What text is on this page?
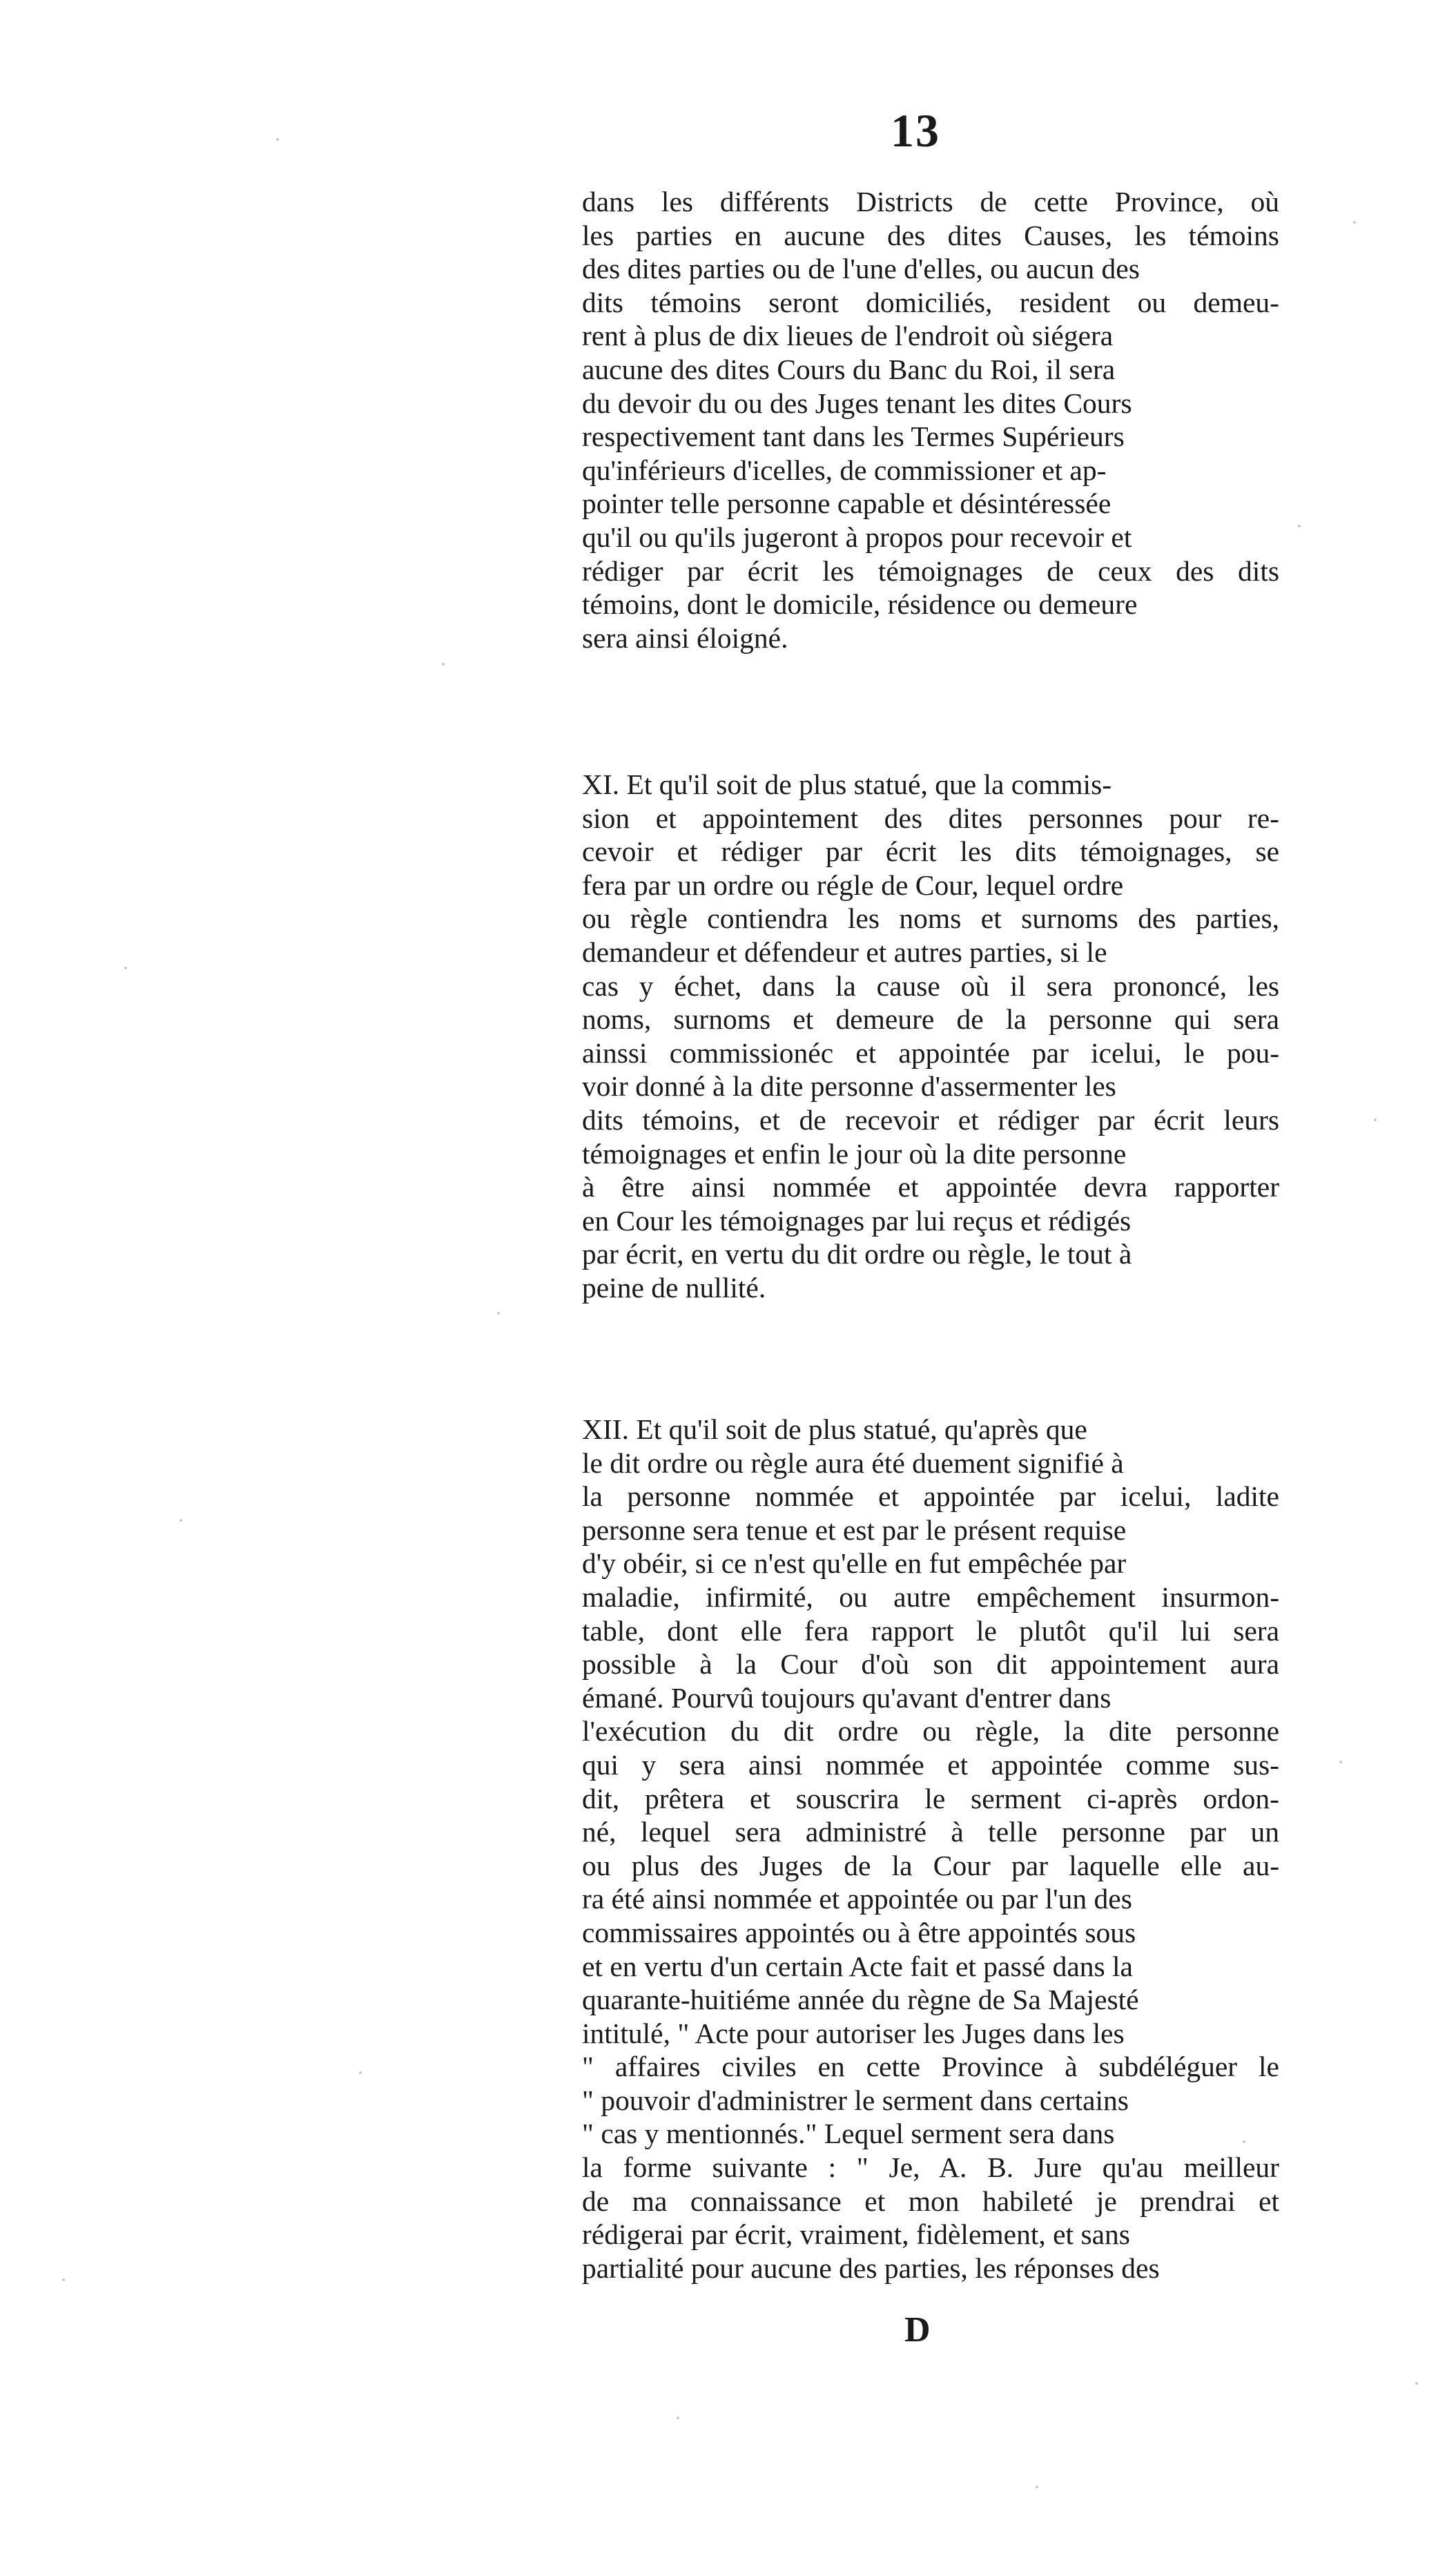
13
dans les différents Districts de cette Province, où
les parties en aucune des dites Causes, les témoins
des dites parties ou de l'une d'elles, ou aucun des
dits témoins seront domiciliés, resident ou demeu-
rent à plus de dix lieues de l'endroit où siégera
aucune des dites Cours du Banc du Roi, il sera
du devoir du ou des Juges tenant les dites Cours
respectivement tant dans les Termes Supérieurs
qu'inférieurs d'icelles, de commissioner et ap-
pointer telle personne capable et désintéressée
qu'il ou qu'ils jugeront à propos pour recevoir et
rédiger par écrit les témoignages de ceux des dits
témoins, dont le domicile, résidence ou demeure
sera ainsi éloigné.
XI. Et qu'il soit de plus statué, que la commis-
sion et appointement des dites personnes pour re-
cevoir et rédiger par écrit les dits témoignages, se
fera par un ordre ou régle de Cour, lequel ordre
ou règle contiendra les noms et surnoms des parties,
demandeur et défendeur et autres parties, si le
cas y échet, dans la cause où il sera prononcé, les
noms, surnoms et demeure de la personne qui sera
ainssi commissionéc et appointée par icelui, le pou-
voir donné à la dite personne d'assermenter les
dits témoins, et de recevoir et rédiger par écrit leurs
témoignages et enfin le jour où la dite personne
à être ainsi nommée et appointée devra rapporter
en Cour les témoignages par lui reçus et rédigés
par écrit, en vertu du dit ordre ou règle, le tout à
peine de nullité.
XII. Et qu'il soit de plus statué, qu'après que
le dit ordre ou règle aura été duement signifié à
la personne nommée et appointée par icelui, ladite
personne sera tenue et est par le présent requise
d'y obéir, si ce n'est qu'elle en fut empêchée par
maladie, infirmité, ou autre empêchement insurmon-
table, dont elle fera rapport le plutôt qu'il lui sera
possible à la Cour d'où son dit appointement aura
émané. Pourvû toujours qu'avant d'entrer dans
l'exécution du dit ordre ou règle, la dite personne
qui y sera ainsi nommée et appointée comme sus-
dit, prêtera et souscrira le serment ci-après ordon-
né, lequel sera administré à telle personne par un
ou plus des Juges de la Cour par laquelle elle au-
ra été ainsi nommée et appointée ou par l'un des
commissaires appointés ou à être appointés sous
et en vertu d'un certain Acte fait et passé dans la
quarante-huitiéme année du règne de Sa Majesté
intitulé, " Acte pour autoriser les Juges dans les
" affaires civiles en cette Province à subdéléguer le
" pouvoir d'administrer le serment dans certains
" cas y mentionnés." Lequel serment sera dans
la forme suivante : " Je, A. B. Jure qu'au meilleur
de ma connaissance et mon habileté je prendrai et
rédigerai par écrit, vraiment, fidèlement, et sans
partialité pour aucune des parties, les réponses des
D
